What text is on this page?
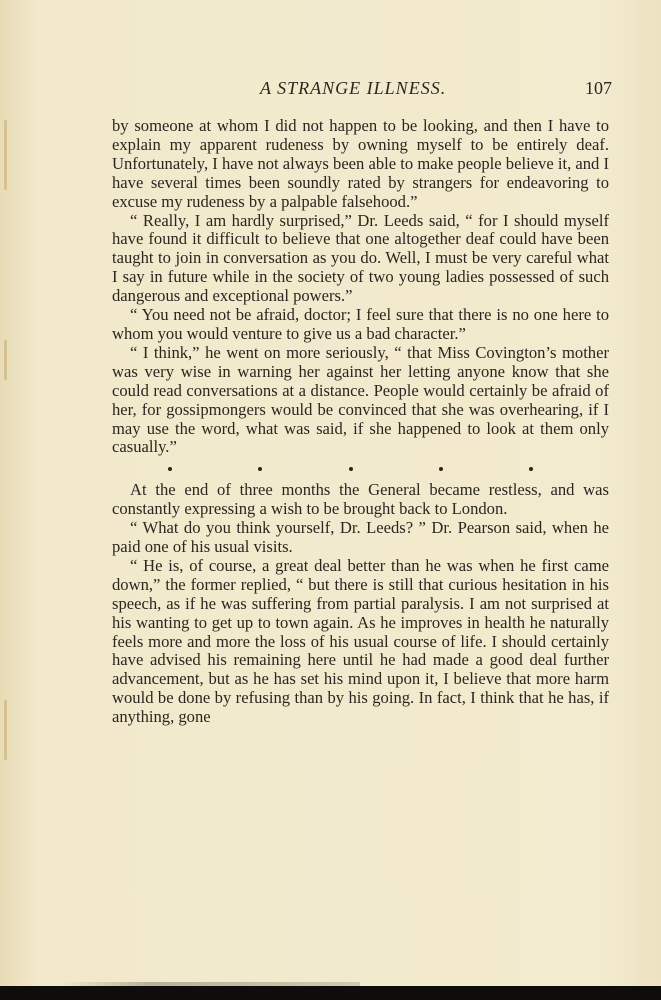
A STRANGE ILLNESS.	107

by someone at whom I did not happen to be looking, and then I have to explain my apparent rudeness by owning myself to be entirely deaf. Unfortunately, I have not always been able to make people believe it, and I have several times been soundly rated by strangers for endeavoring to excuse my rudeness by a palpable falsehood.”

“ Really, I am hardly surprised,” Dr. Leeds said, “ for I should myself have found it difficult to believe that one altogether deaf could have been taught to join in conversation as you do. Well, I must be very careful what I say in future while in the society of two young ladies possessed of such dangerous and exceptional powers.”

“ You need not be afraid, doctor; I feel sure that there is no one here to whom you would venture to give us a bad character.”

“ I think,” he went on more seriously, “ that Miss Covington’s mother was very wise in warning her against her letting anyone know that she could read conversations at a distance. People would certainly be afraid of her, for gossipmongers would be convinced that she was overhearing, if I may use the word, what was said, if she happened to look at them only casually.”

At the end of three months the General became restless, and was constantly expressing a wish to be brought back to London.

“ What do you think yourself, Dr. Leeds? ” Dr. Pearson said, when he paid one of his usual visits.

“ He is, of course, a great deal better than he was when he first came down,” the former replied, “ but there is still that curious hesitation in his speech, as if he was suffering from partial paralysis. I am not surprised at his wanting to get up to town again. As he improves in health he naturally feels more and more the loss of his usual course of life. I should certainly have advised his remaining here until he had made a good deal further advancement, but as he has set his mind upon it, I believe that more harm would be done by refusing than by his going. In fact, I think that he has, if anything, gone
